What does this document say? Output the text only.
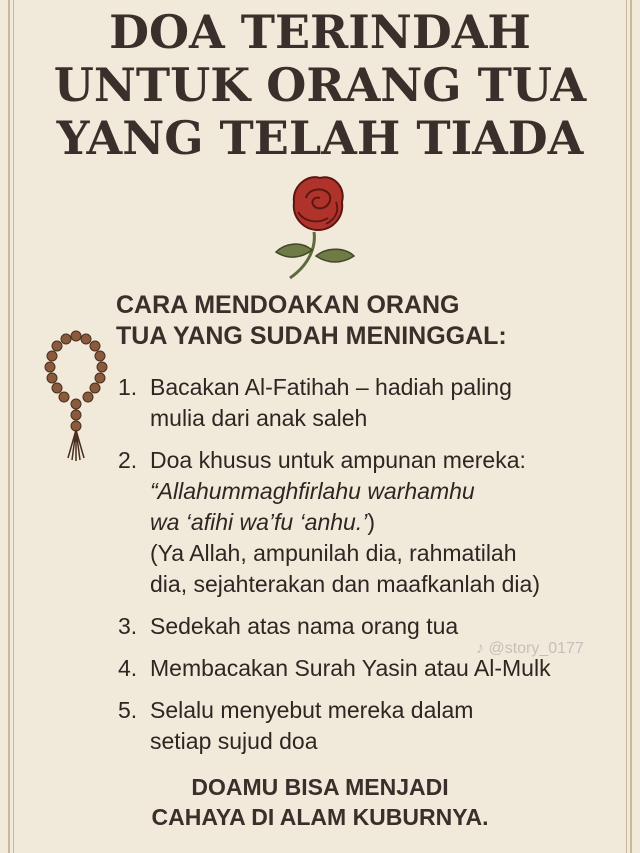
DOA TERINDAH
UNTUK ORANG TUA
YANG TELAH TIADA
CARA MENDOAKAN ORANG
TUA YANG SUDAH MENINGGAL:
1. Bacakan Al-Fatihah – hadiah paling
mulia dari anak saleh
2. Doa khusus untuk ampunan mereka:
“Allahummaghfirlahu warhamhu
wa ‘afihi wa’fu ‘anhu.’)
(Ya Allah, ampunilah dia, rahmatilah
dia, sejahterakan dan maafkanlah dia)
3. Sedekah atas nama orang tua
4. Membacakan Surah Yasin atau Al-Mulk
5. Selalu menyebut mereka dalam
setiap sujud doa
♪ @story_0177
DOAMU BISA MENJADI
CAHAYA DI ALAM KUBURNYA.
